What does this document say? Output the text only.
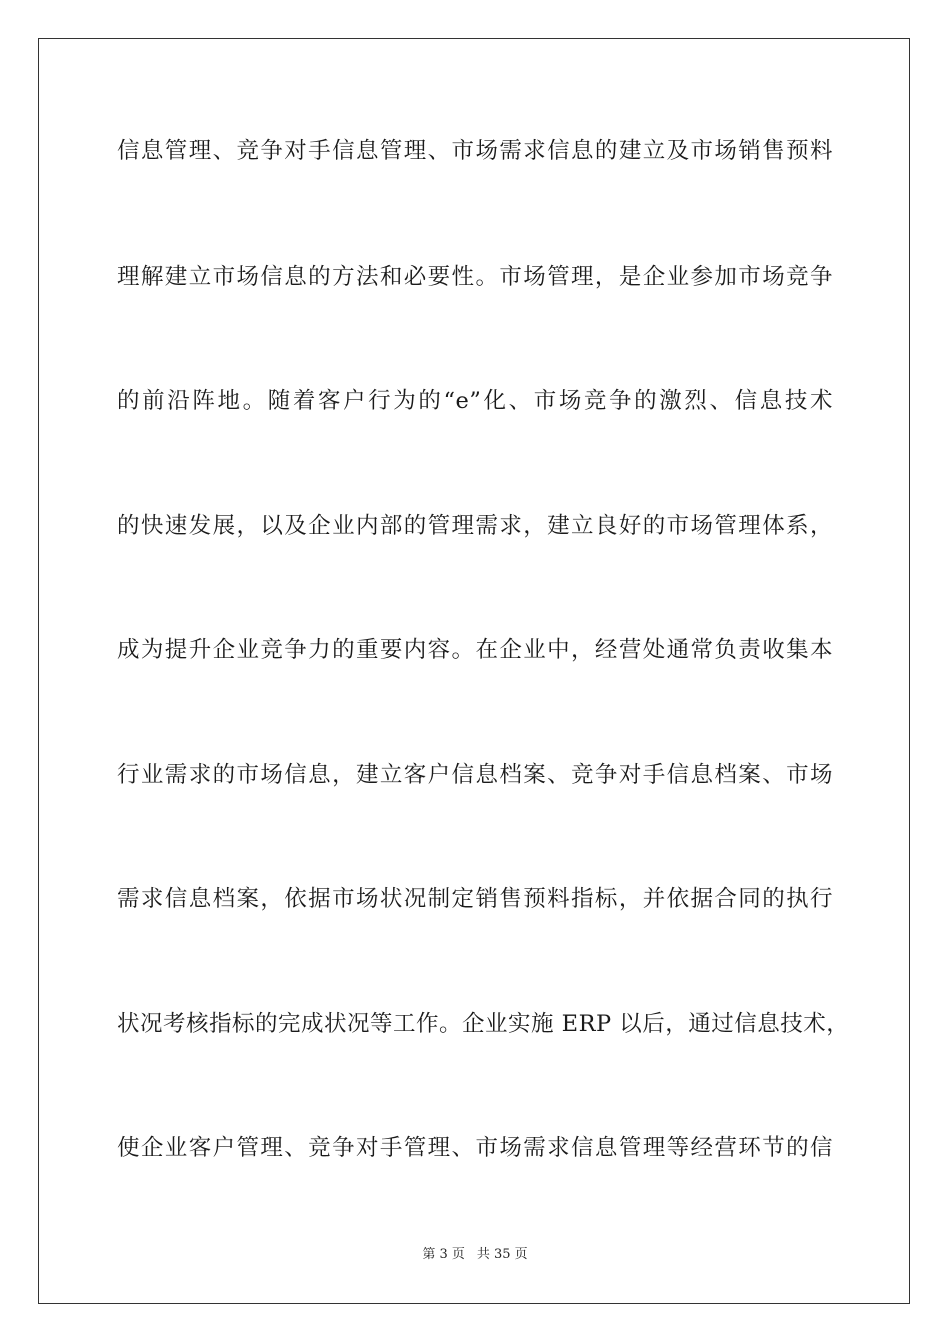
信息管理、竞争对手信息管理、市场需求信息的建立及市场销售预料

理解建立市场信息的方法和必要性。市场管理，是企业参加市场竞争

的前沿阵地。随着客户行为的“e”化、市场竞争的激烈、信息技术

的快速发展，以及企业内部的管理需求，建立良好的市场管理体系，

成为提升企业竞争力的重要内容。在企业中，经营处通常负责收集本

行业需求的市场信息，建立客户信息档案、竞争对手信息档案、市场

需求信息档案，依据市场状况制定销售预料指标，并依据合同的执行

状况考核指标的完成状况等工作。企业实施 ERP 以后，通过信息技术，

使企业客户管理、竞争对手管理、市场需求信息管理等经营环节的信

第 3 页 共 35 页
